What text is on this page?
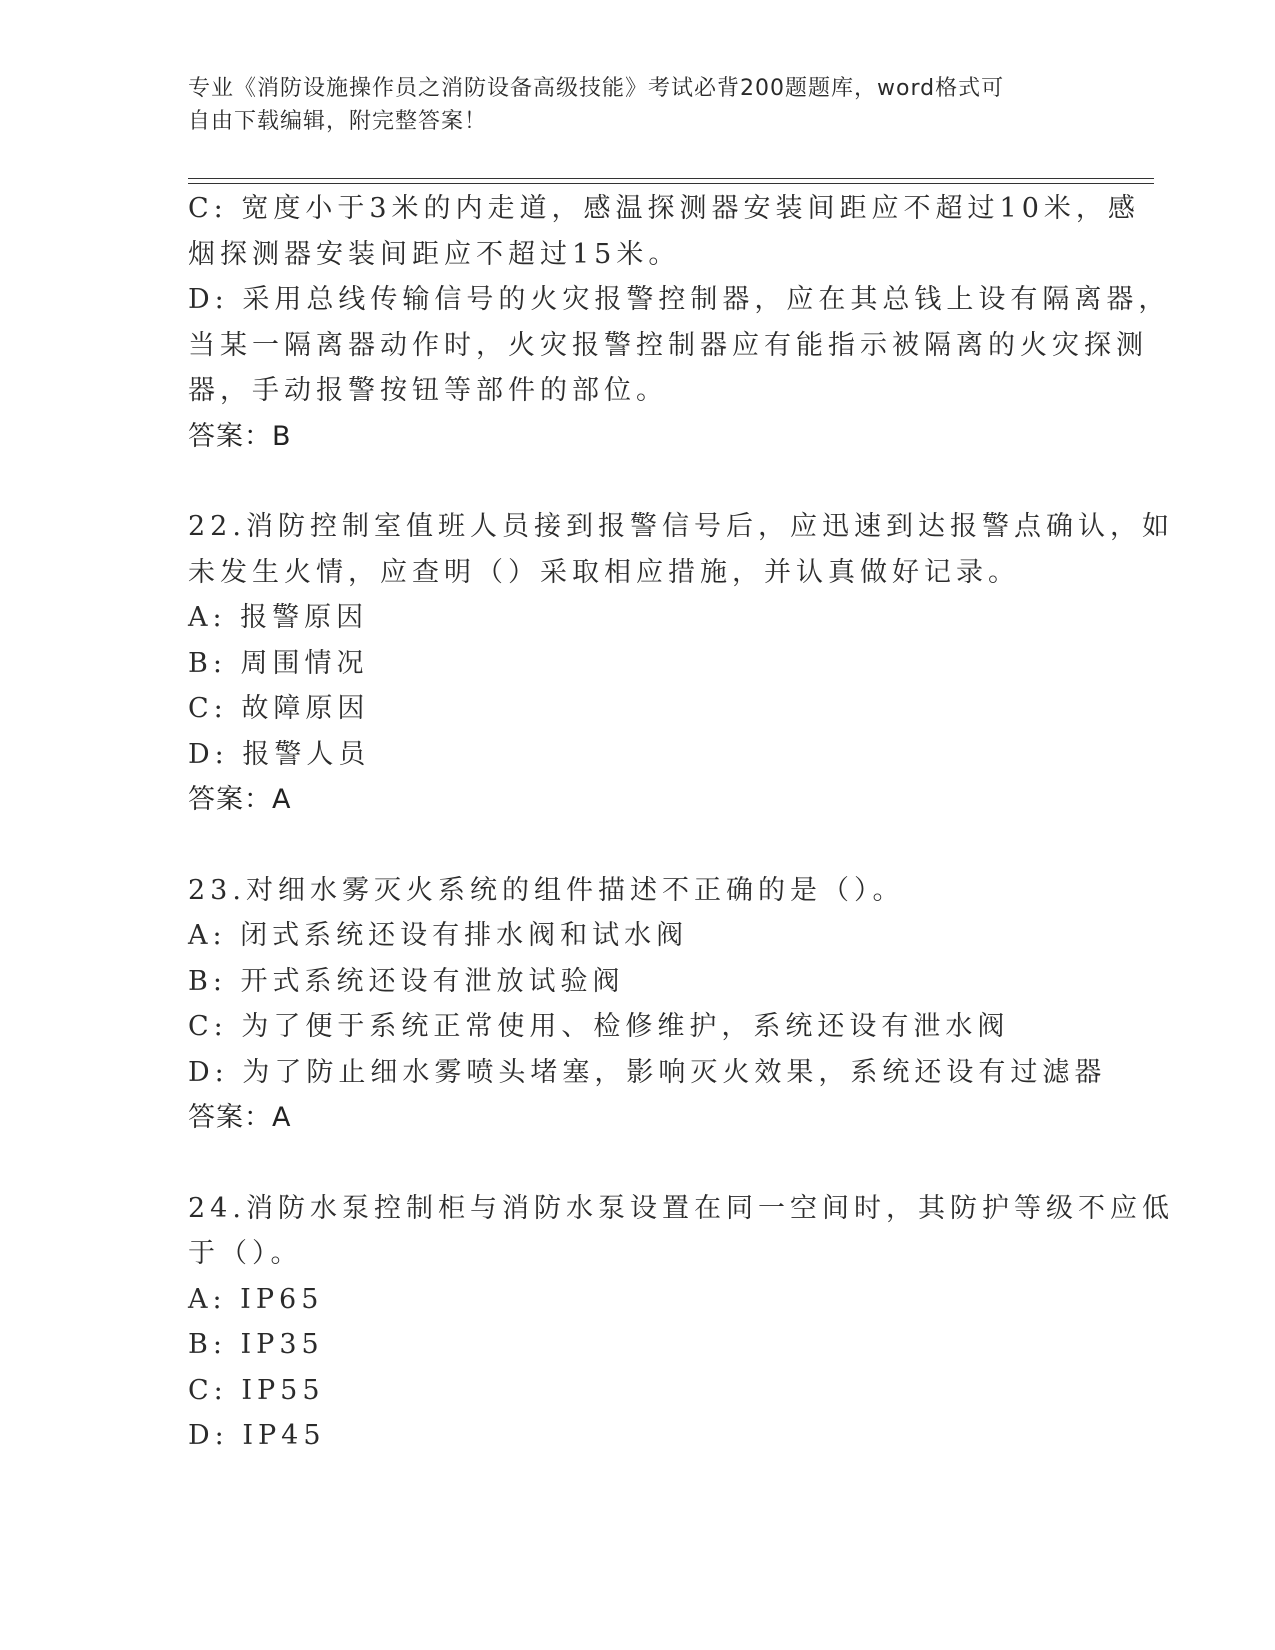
专业《消防设施操作员之消防设备高级技能》考试必背200题题库，word格式可
自由下载编辑，附完整答案！
C: 宽度小于3米的内走道，感温探测器安装间距应不超过10米，感
烟探测器安装间距应不超过15米。
D: 采用总线传输信号的火灾报警控制器，应在其总钱上设有隔离器，
当某一隔离器动作时，火灾报警控制器应有能指示被隔离的火灾探测
器，手动报警按钮等部件的部位。
答案：B
22.消防控制室值班人员接到报警信号后，应迅速到达报警点确认，如
未发生火情，应查明（）采取相应措施，并认真做好记录。
A: 报警原因
B: 周围情况
C: 故障原因
D: 报警人员
答案：A
23.对细水雾灭火系统的组件描述不正确的是（）。
A: 闭式系统还设有排水阀和试水阀
B: 开式系统还设有泄放试验阀
C: 为了便于系统正常使用、检修维护，系统还设有泄水阀
D: 为了防止细水雾喷头堵塞，影响灭火效果，系统还设有过滤器
答案：A
24.消防水泵控制柜与消防水泵设置在同一空间时，其防护等级不应低
于（）。
A: IP65
B: IP35
C: IP55
D: IP45
